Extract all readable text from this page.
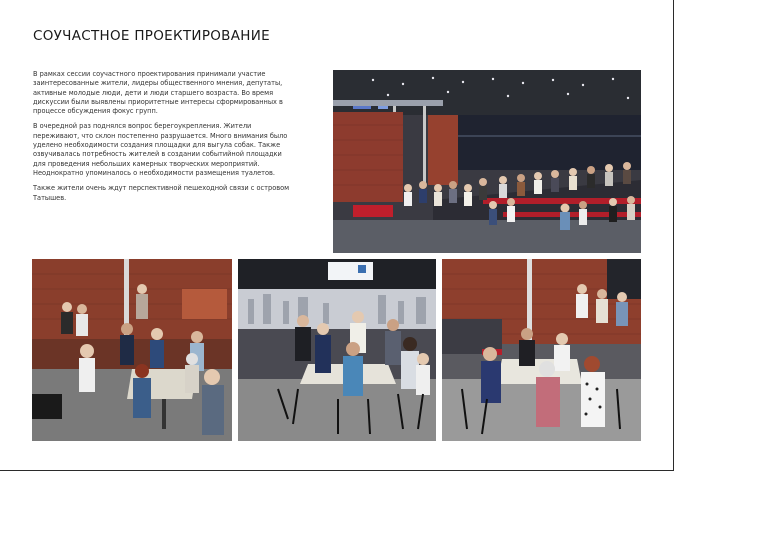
СОУЧАСТНОЕ ПРОЕКТИРОВАНИЕ

В рамках сессии соучастного проектирования принимали участие заинтересованные жители, лидеры общественного мнения, депутаты, активные молодые люди, дети и люди старшего возраста. Во время дискуссии были выявлены приоритетные интересы сформированных в процессе обсуждения фокус групп.

В очередной раз поднялся вопрос берегоукрепления. Жители переживают, что склон постепенно разрушается. Много внимания было уделено необходимости создания площадки для выгула собак. Также озвучивалась потребность жителей в создании событийной площадки для проведения небольших камерных творческих мероприятий. Неоднократно упоминалось о необходимости размещения туалетов.

Также жители очень ждут перспективной пешеходной связи с островом Татышев.
